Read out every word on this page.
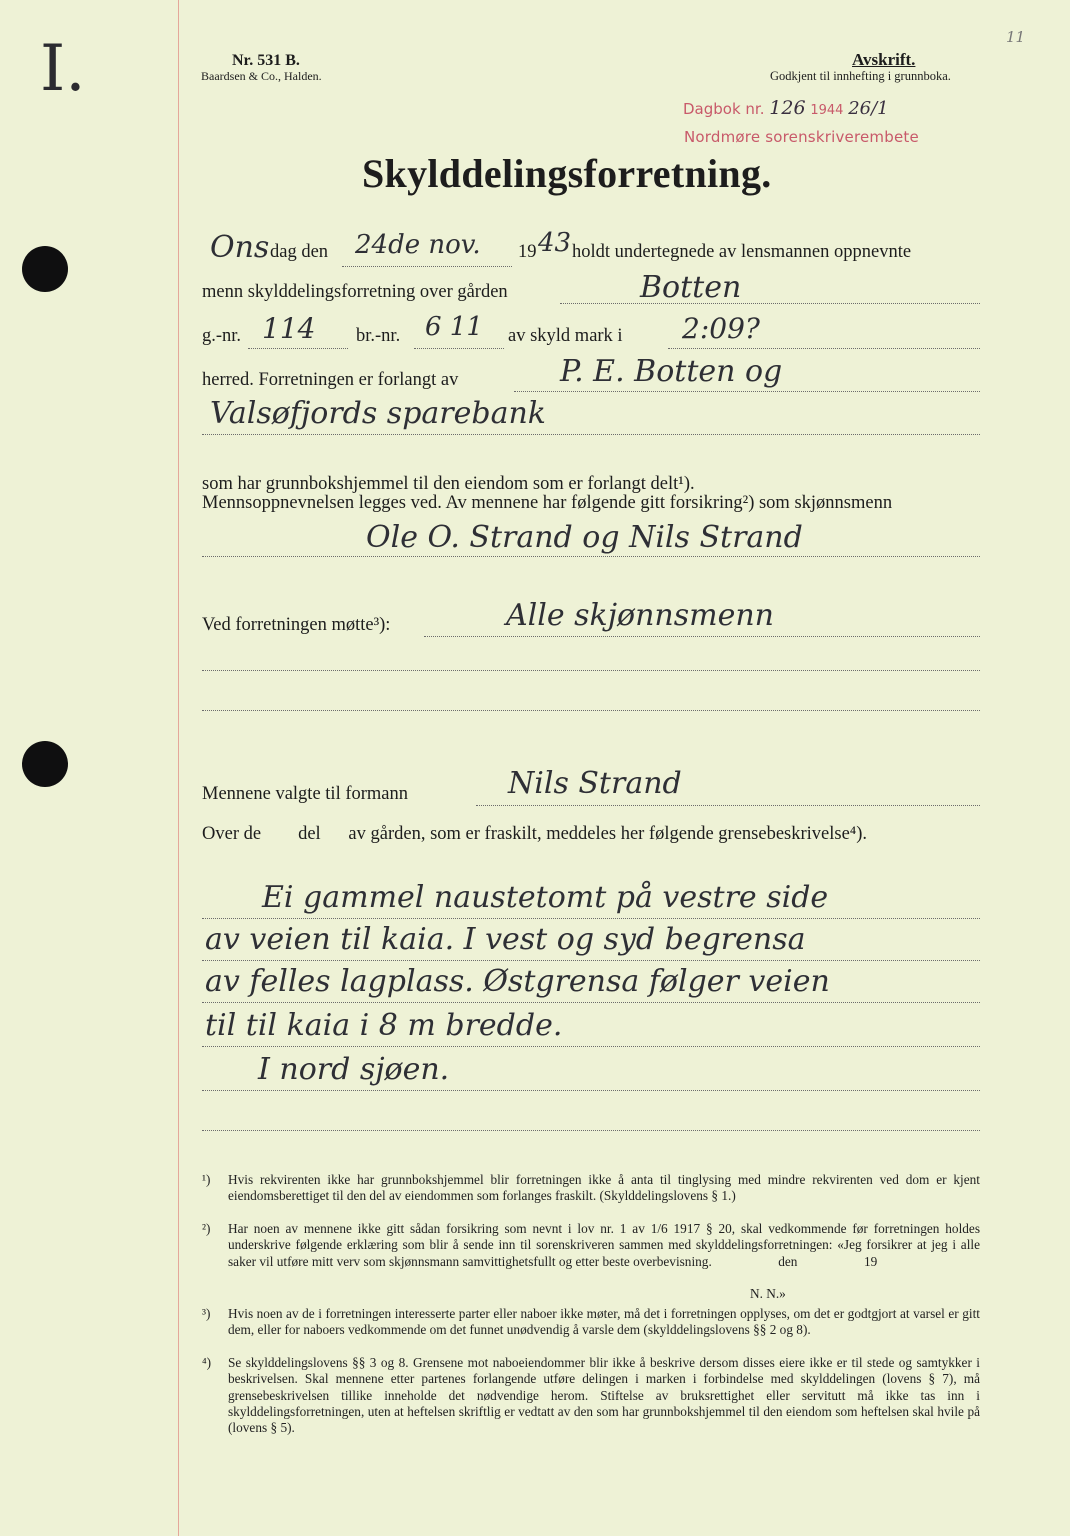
I.	11
Nr. 531 B.
Baardsen & Co., Halden.
Avskrift.
Godkjent til innhefting i grunnboka.
Dagbok nr. 126 1944 26/1
Nordmøre sorenskriverembete
Skylddelingsforretning.
Ons dag den 24de nov. 19 43 holdt undertegnede av lensmannen oppnevnte
menn skylddelingsforretning over gården	Botten
g.-nr. 114 br.-nr. 6 11 av skyld mark i 2:09?
herred. Forretningen er forlangt av	P. E. Botten og
Valsøfjords sparebank
som har grunnbokshjemmel til den eiendom som er forlangt delt¹).
Mennsoppnevnelsen legges ved. Av mennene har følgende gitt forsikring²) som skjønnsmenn
Ole O. Strand og Nils Strand
Ved forretningen møtte³):	Alle skjønnsmenn
Mennene valgte til formann	Nils Strand
Over de        del      av gården, som er fraskilt, meddeles her følgende grensebeskrivelse⁴).
Ei gammel naustetomt på vestre side
av veien til kaia. I vest og syd begrensa
av felles lagplass. Østgrensa følger veien
til til kaia i 8 m bredde.
I nord sjøen.
¹) Hvis rekvirenten ikke har grunnbokshjemmel blir forretningen ikke å anta til tinglysing med mindre rekvirenten ved dom er kjent eiendomsberettiget til den del av eiendommen som forlanges fraskilt. (Skylddelingslovens § 1.)
²) Har noen av mennene ikke gitt sådan forsikring som nevnt i lov nr. 1 av 1/6 1917 § 20, skal vedkommende før forretningen holdes underskrive følgende erklæring som blir å sende inn til sorenskriveren sammen med skylddelingsforretningen: «Jeg forsikrer at jeg i alle saker vil utføre mitt verv som skjønnsmann samvittighetsfullt og etter beste overbevisning.                    den                    19
N. N.»
³) Hvis noen av de i forretningen interesserte parter eller naboer ikke møter, må det i forretningen opplyses, om det er godtgjort at varsel er gitt dem, eller for naboers vedkommende om det funnet unødvendig å varsle dem (skylddelingslovens §§ 2 og 8).
⁴) Se skylddelingslovens §§ 3 og 8. Grensene mot naboeiendommer blir ikke å beskrive dersom disses eiere ikke er til stede og samtykker i beskrivelsen. Skal mennene etter partenes forlangende utføre delingen i marken i forbindelse med skylddelingen (lovens § 7), må grensebeskrivelsen tillike inneholde det nødvendige herom. Stiftelse av bruksrettighet eller servitutt må ikke tas inn i skylddelingsforretningen, uten at heftelsen skriftlig er vedtatt av den som har grunnbokshjemmel til den eiendom som heftelsen skal hvile på (lovens § 5).
